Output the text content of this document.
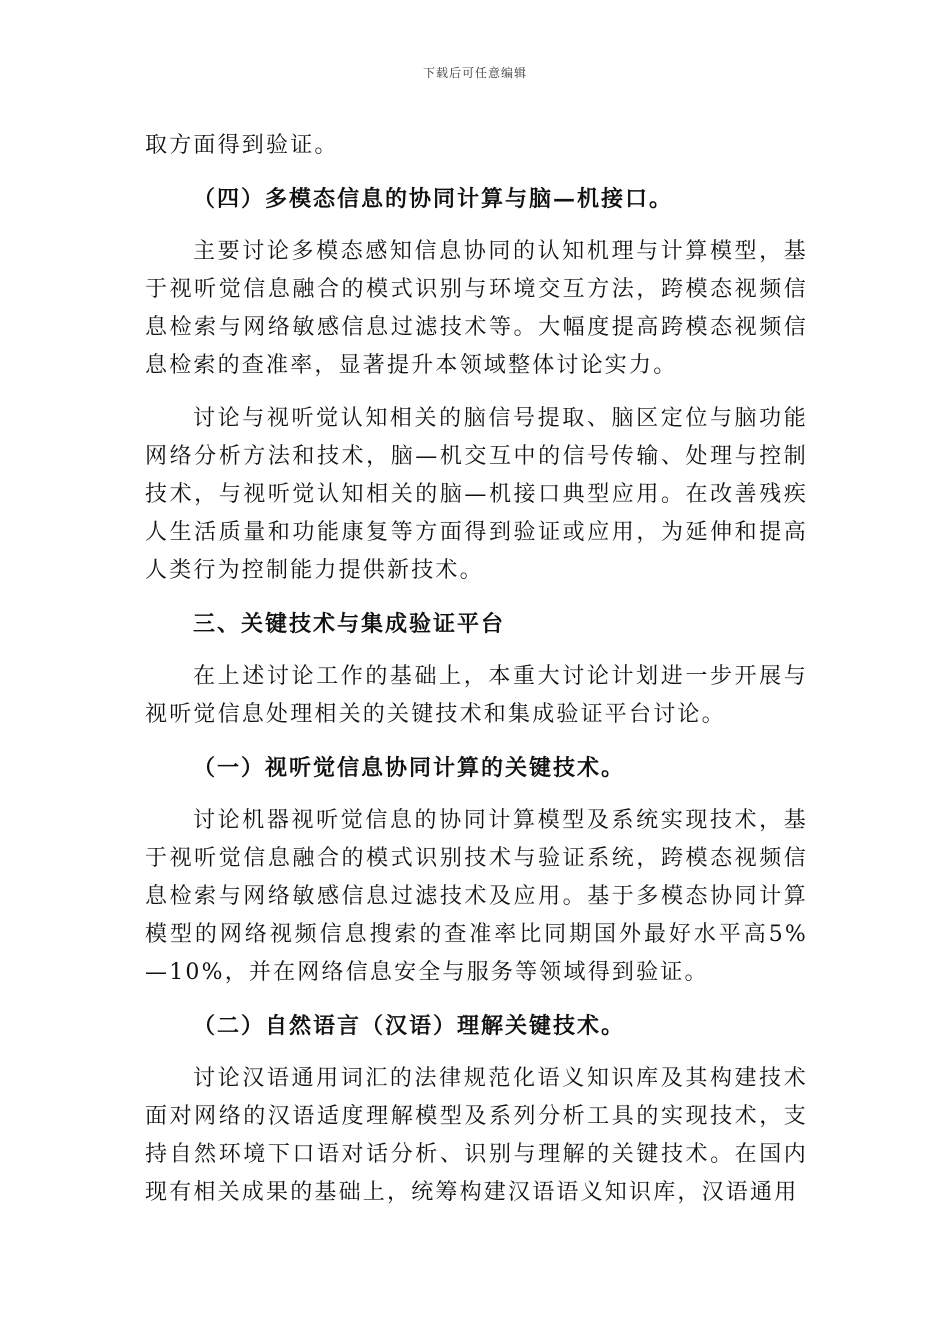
下载后可任意编辑

取方面得到验证。

（四）多模态信息的协同计算与脑—机接口。

主要讨论多模态感知信息协同的认知机理与计算模型，基于视听觉信息融合的模式识别与环境交互方法，跨模态视频信息检索与网络敏感信息过滤技术等。大幅度提高跨模态视频信息检索的查准率，显著提升本领域整体讨论实力。

讨论与视听觉认知相关的脑信号提取、脑区定位与脑功能网络分析方法和技术，脑—机交互中的信号传输、处理与控制技术，与视听觉认知相关的脑—机接口典型应用。在改善残疾人生活质量和功能康复等方面得到验证或应用，为延伸和提高人类行为控制能力提供新技术。

三、关键技术与集成验证平台

在上述讨论工作的基础上，本重大讨论计划进一步开展与视听觉信息处理相关的关键技术和集成验证平台讨论。

（一）视听觉信息协同计算的关键技术。

讨论机器视听觉信息的协同计算模型及系统实现技术，基于视听觉信息融合的模式识别技术与验证系统，跨模态视频信息检索与网络敏感信息过滤技术及应用。基于多模态协同计算模型的网络视频信息搜索的查准率比同期国外最好水平高5%—10%，并在网络信息安全与服务等领域得到验证。

（二）自然语言（汉语）理解关键技术。

讨论汉语通用词汇的法律规范化语义知识库及其构建技术面对网络的汉语适度理解模型及系列分析工具的实现技术，支持自然环境下口语对话分析、识别与理解的关键技术。在国内现有相关成果的基础上，统筹构建汉语语义知识库，汉语通用
